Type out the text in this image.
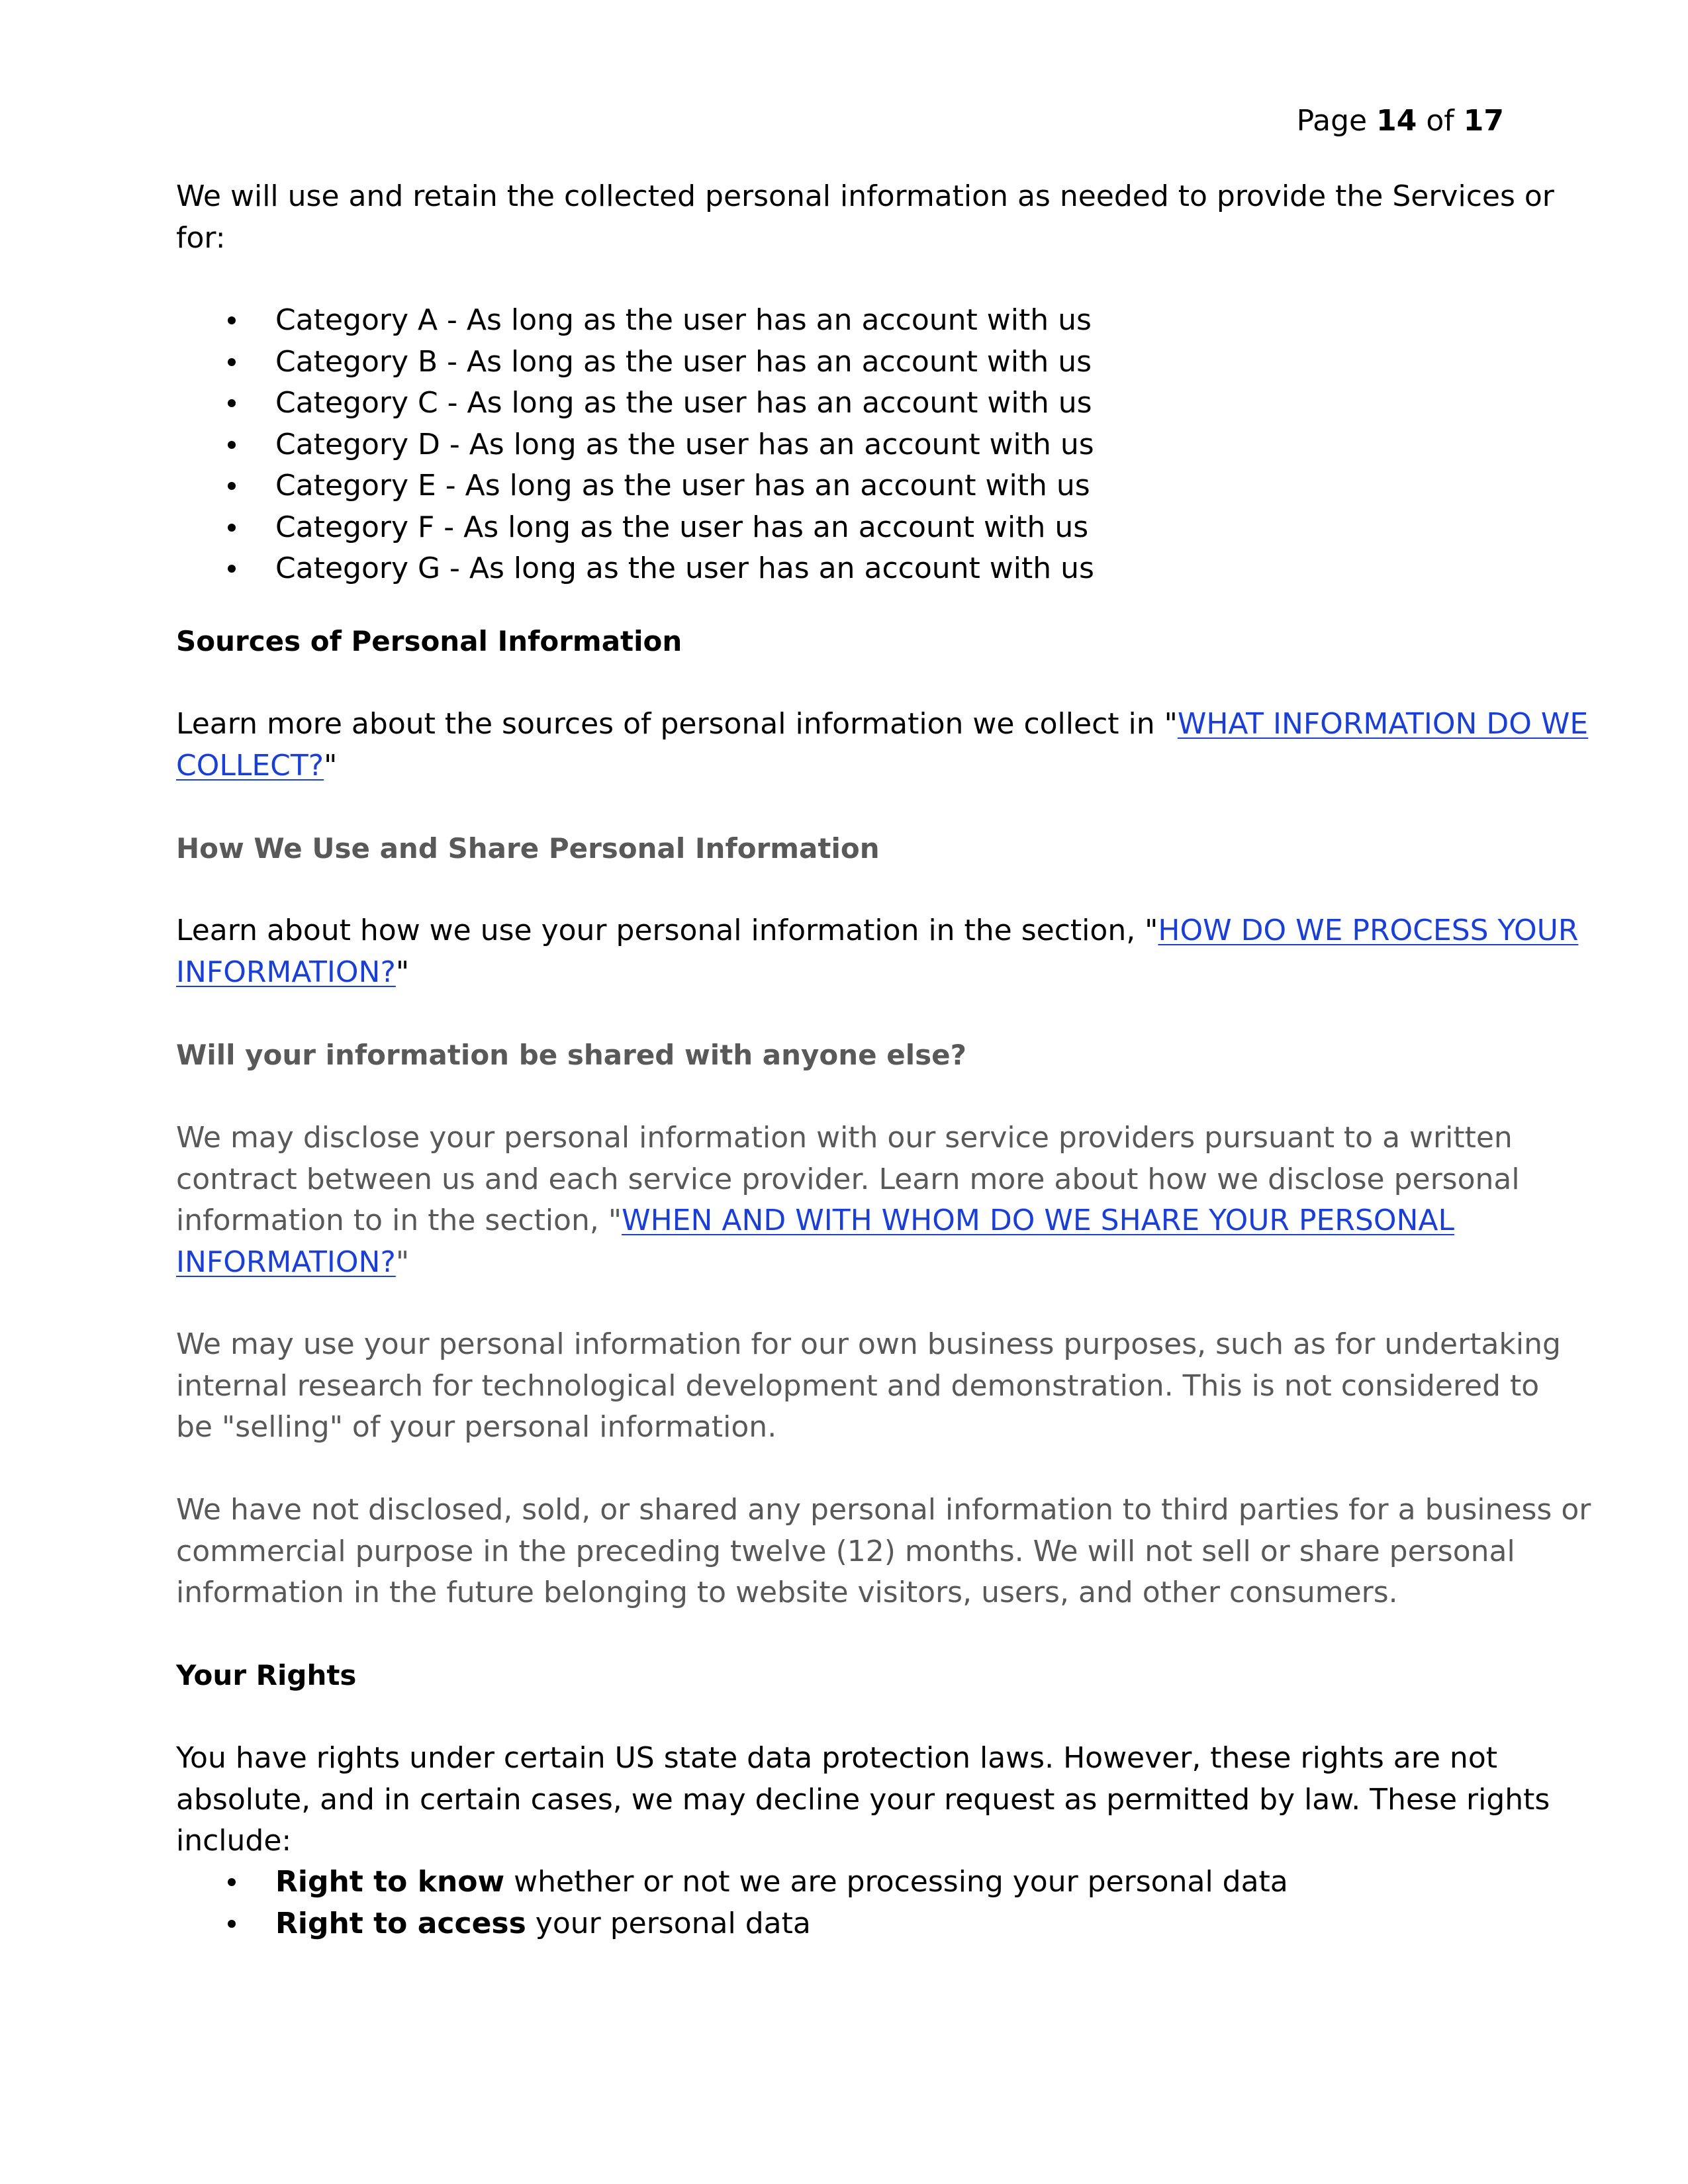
Page 14 of 17
We will use and retain the collected personal information as needed to provide the Services or
for:
Category A - As long as the user has an account with us
Category B - As long as the user has an account with us
Category C - As long as the user has an account with us
Category D - As long as the user has an account with us
Category E - As long as the user has an account with us
Category F - As long as the user has an account with us
Category G - As long as the user has an account with us
Sources of Personal Information
Learn more about the sources of personal information we collect in "WHAT INFORMATION DO WE
COLLECT?"
How We Use and Share Personal Information
Learn about how we use your personal information in the section, "HOW DO WE PROCESS YOUR
INFORMATION?"
Will your information be shared with anyone else?
We may disclose your personal information with our service providers pursuant to a written
contract between us and each service provider. Learn more about how we disclose personal
information to in the section, "WHEN AND WITH WHOM DO WE SHARE YOUR PERSONAL
INFORMATION?"
We may use your personal information for our own business purposes, such as for undertaking
internal research for technological development and demonstration. This is not considered to
be "selling" of your personal information.
We have not disclosed, sold, or shared any personal information to third parties for a business or
commercial purpose in the preceding twelve (12) months. We will not sell or share personal
information in the future belonging to website visitors, users, and other consumers.
Your Rights
You have rights under certain US state data protection laws. However, these rights are not
absolute, and in certain cases, we may decline your request as permitted by law. These rights
include:
Right to know whether or not we are processing your personal data
Right to access your personal data
